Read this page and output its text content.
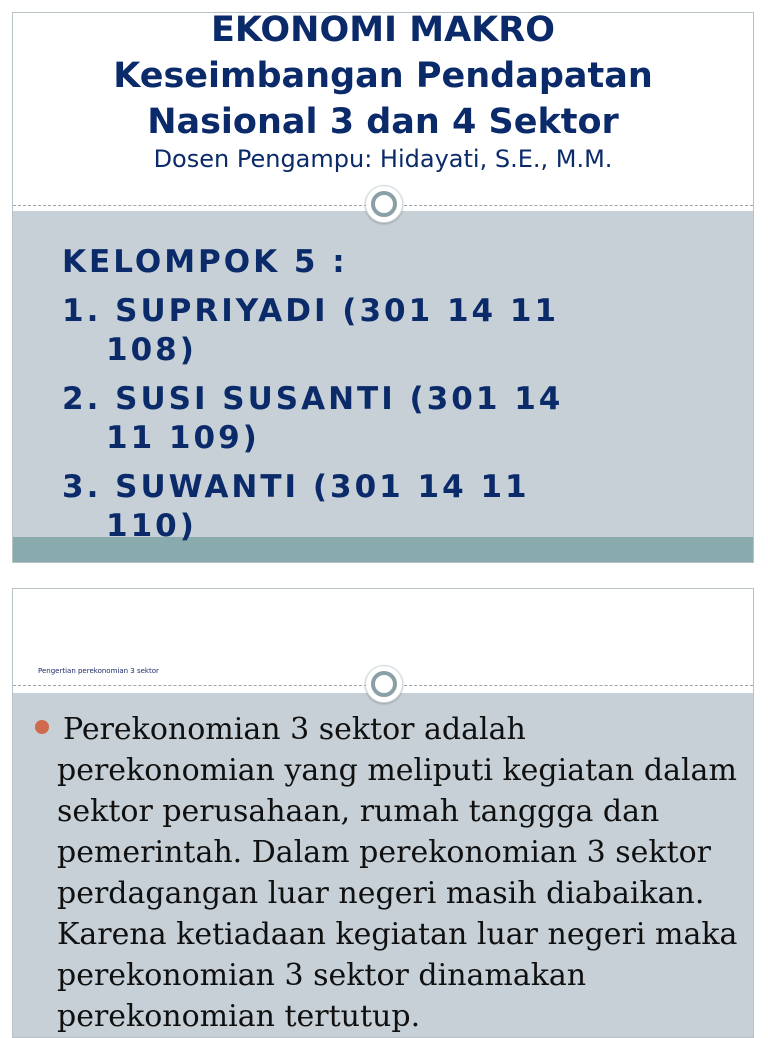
EKONOMI MAKRO
Keseimbangan Pendapatan
Nasional 3 dan 4 Sektor
Dosen Pengampu: Hidayati, S.E., M.M.
KELOMPOK 5 :
1. SUPRIYADI (301 14 11
108)
2. SUSI SUSANTI (301 14
11 109)
3. SUWANTI (301 14 11
110)
Pengertian perekonomian 3 sektor
Perekonomian 3 sektor adalah
perekonomian yang meliputi kegiatan dalam
sektor perusahaan, rumah tanggga dan
pemerintah. Dalam perekonomian 3 sektor
perdagangan luar negeri masih diabaikan.
Karena ketiadaan kegiatan luar negeri maka
perekonomian 3 sektor dinamakan
perekonomian tertutup.
